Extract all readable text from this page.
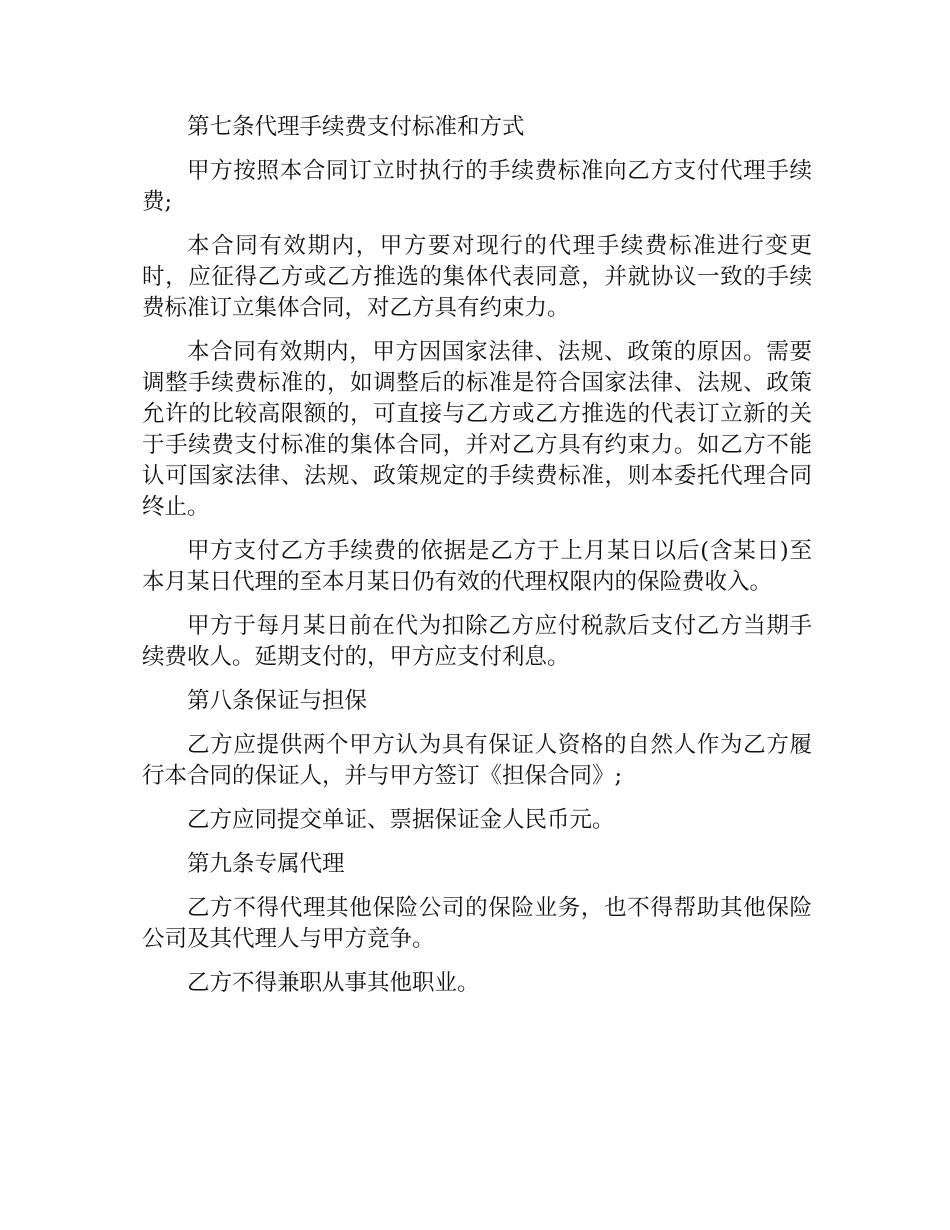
第七条代理手续费支付标准和方式

甲方按照本合同订立时执行的手续费标准向乙方支付代理手续费;

本合同有效期内，甲方要对现行的代理手续费标准进行变更时，应征得乙方或乙方推选的集体代表同意，并就协议一致的手续费标准订立集体合同，对乙方具有约束力。

本合同有效期内，甲方因国家法律、法规、政策的原因。需要调整手续费标准的，如调整后的标准是符合国家法律、法规、政策允许的比较高限额的，可直接与乙方或乙方推选的代表订立新的关于手续费支付标准的集体合同，并对乙方具有约束力。如乙方不能认可国家法律、法规、政策规定的手续费标准，则本委托代理合同终止。

甲方支付乙方手续费的依据是乙方于上月某日以后(含某日)至本月某日代理的至本月某日仍有效的代理权限内的保险费收入。

甲方于每月某日前在代为扣除乙方应付税款后支付乙方当期手续费收人。延期支付的，甲方应支付利息。

第八条保证与担保

乙方应提供两个甲方认为具有保证人资格的自然人作为乙方履行本合同的保证人，并与甲方签订《担保合同》;

乙方应同提交单证、票据保证金人民币元。

第九条专属代理

乙方不得代理其他保险公司的保险业务，也不得帮助其他保险公司及其代理人与甲方竞争。

乙方不得兼职从事其他职业。
